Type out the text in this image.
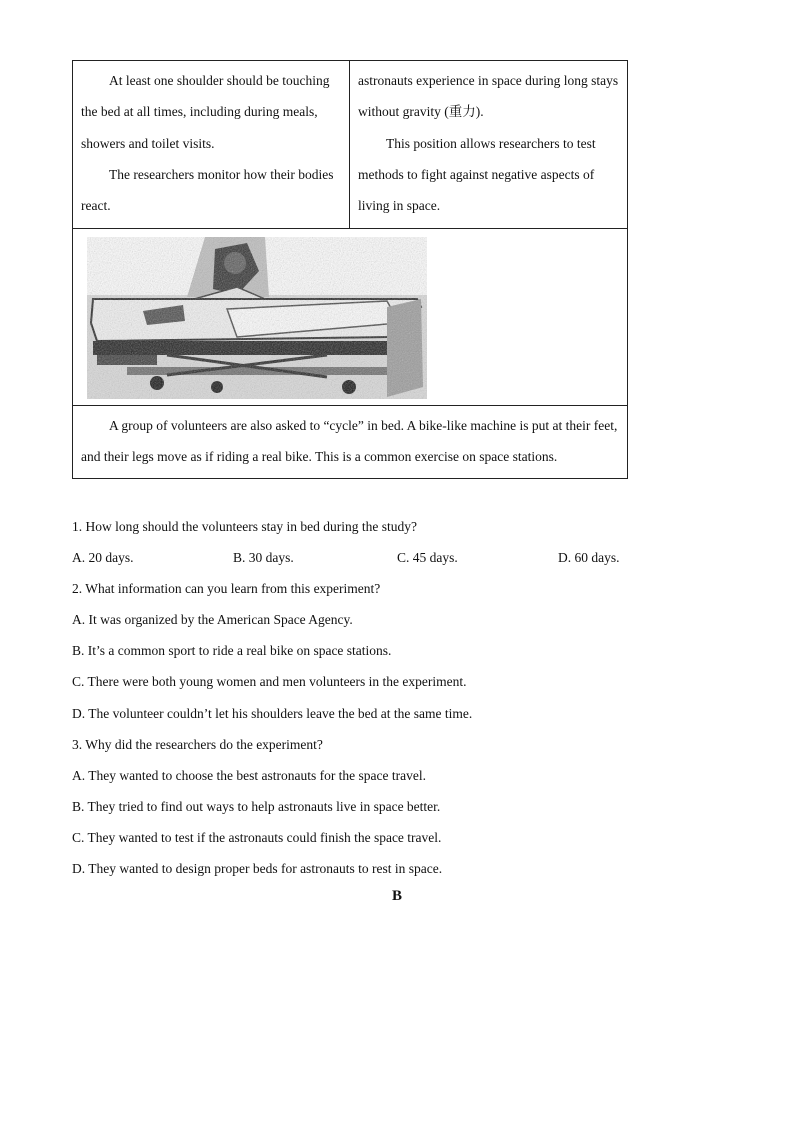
At least one shoulder should be touching the bed at all times, including during meals, showers and toilet visits.

The researchers monitor how their bodies react.

astronauts experience in space during long stays without gravity (重力).

This position allows researchers to test methods to fight against negative aspects of living in space.

A group of volunteers are also asked to “cycle” in bed. A bike-like machine is put at their feet, and their legs move as if riding a real bike. This is a common exercise on space stations.

1. How long should the volunteers stay in bed during the study?
A. 20 days.	B. 30 days.	C. 45 days.	D. 60 days.
2. What information can you learn from this experiment?
A. It was organized by the American Space Agency.
B. It’s a common sport to ride a real bike on space stations.
C. There were both young women and men volunteers in the experiment.
D. The volunteer couldn’t let his shoulders leave the bed at the same time.
3. Why did the researchers do the experiment?
A. They wanted to choose the best astronauts for the space travel.
B. They tried to find out ways to help astronauts live in space better.
C. They wanted to test if the astronauts could finish the space travel.
D. They wanted to design proper beds for astronauts to rest in space.
B
